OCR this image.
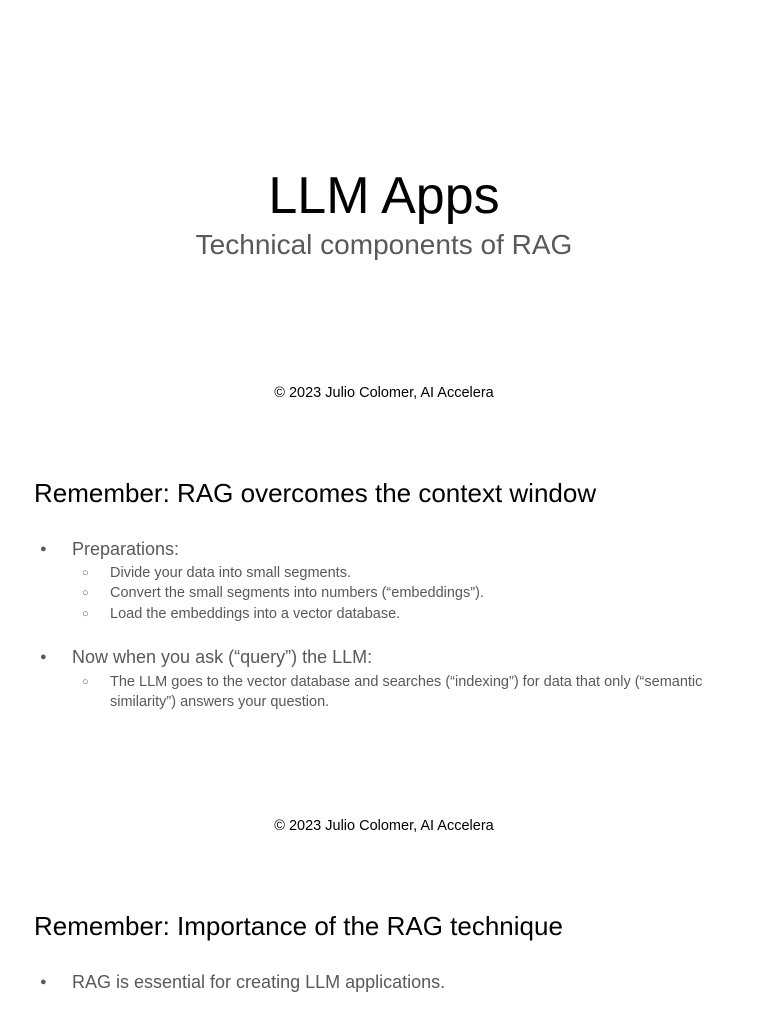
LLM Apps
Technical components of RAG
© 2023 Julio Colomer, AI Accelera
Remember: RAG overcomes the context window
● Preparations:
○ Divide your data into small segments.
○ Convert the small segments into numbers (“embeddings”).
○ Load the embeddings into a vector database.
● Now when you ask (“query”) the LLM:
○ The LLM goes to the vector database and searches (“indexing”) for data that only (“semantic similarity”) answers your question.
© 2023 Julio Colomer, AI Accelera
Remember: Importance of the RAG technique
● RAG is essential for creating LLM applications.
